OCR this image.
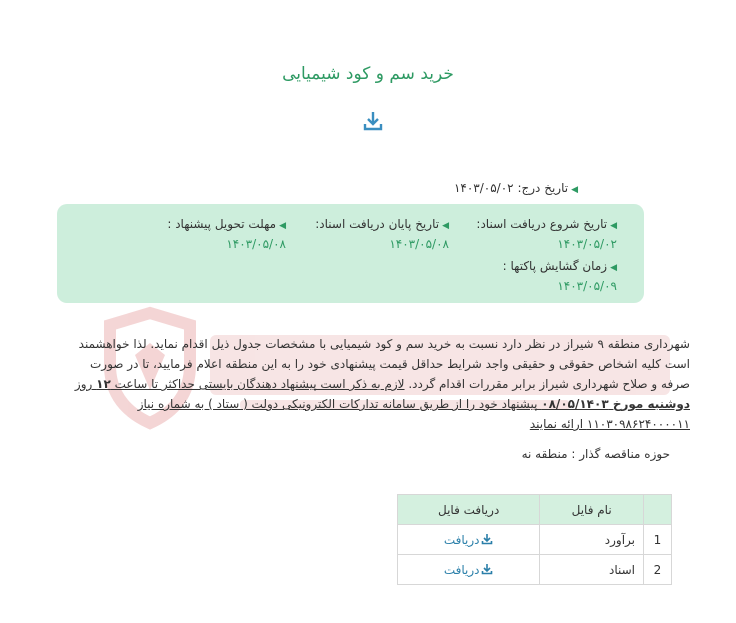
خرید سم و کود شیمیایی
◀تاریخ درج: ۱۴۰۳/۰۵/۰۲
◀تاریخ شروع دریافت اسناد:
۱۴۰۳/۰۵/۰۲
◀تاریخ پایان دریافت اسناد:
۱۴۰۳/۰۵/۰۸
◀مهلت تحویل پیشنهاد :
۱۴۰۳/۰۵/۰۸
◀زمان گشایش پاکتها :
۱۴۰۳/۰۵/۰۹
شهرداری منطقه ۹ شیراز در نظر دارد نسبت به خرید سم و کود شیمیایی با مشخصات جدول ذیل اقدام نماید. لذا خواهشمند است کلیه اشخاص حقوقی و حقیقی واجد شرایط حداقل قیمت پیشنهادی خود را به این منطقه اعلام فرمایید، تا در صورت صرفه و صلاح شهرداری شیراز برابر مقررات اقدام گردد. لازم به ذکر است پیشنهاد دهندگان بایستی حداکثر تا ساعت ۱۲ روز دوشنبه مورخ ۰۸/۰۵/۱۴۰۳ پیشنهاد خود را از طریق سامانه تدارکات الکترونیکی دولت ( ستاد ) به شماره نیاز ۱۱۰۳۰۹۸۶۲۴۰۰۰۰۱۱ ارائه نمایند
حوزه مناقصه گذار : منطقه نه
	نام فایل	دریافت فایل
1	برآورد	دریافت
2	اسناد	دریافت
